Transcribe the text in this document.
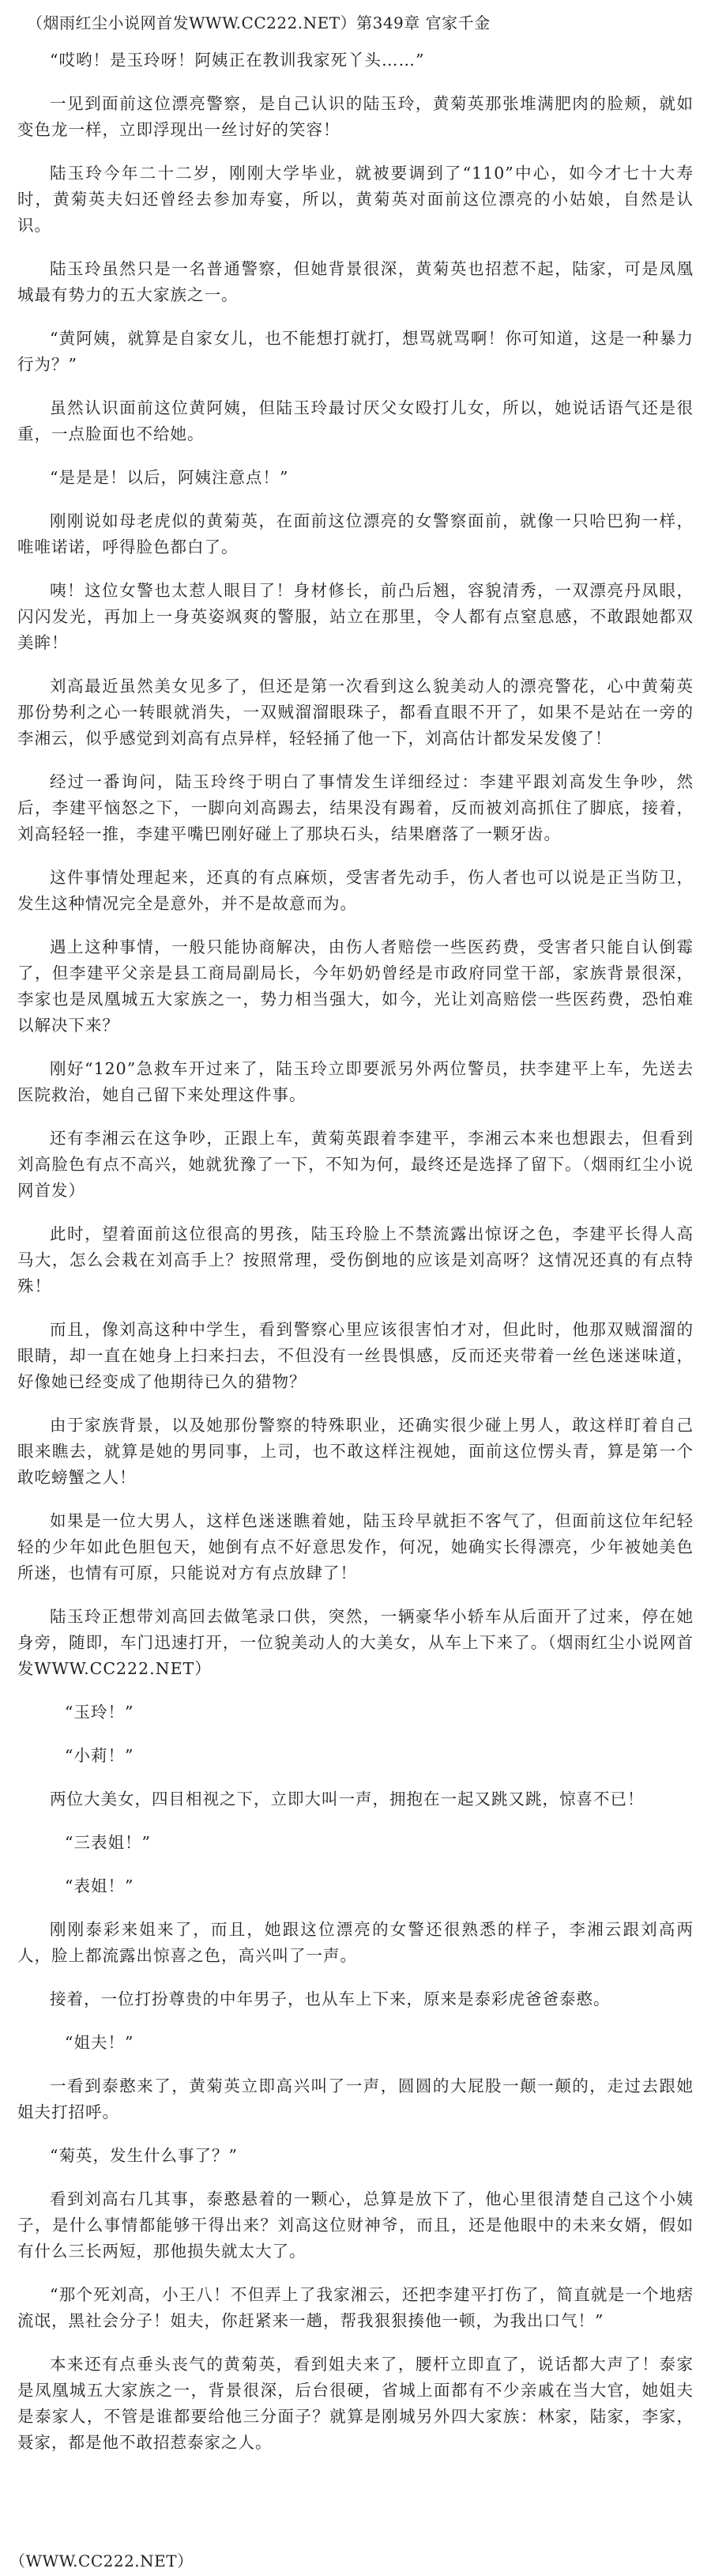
（烟雨红尘小说网首发WWW.CC222.NET）第349章 官家千金
“哎哟！是玉玲呀！阿姨正在教训我家死丫头……”
一见到面前这位漂亮警察，是自己认识的陆玉玲，黄菊英那张堆满肥肉的脸颊，就如变色龙一样，立即浮现出一丝讨好的笑容！
陆玉玲今年二十二岁，刚刚大学毕业，就被要调到了“110”中心，如今才七十大寿时，黄菊英夫妇还曾经去参加寿宴，所以，黄菊英对面前这位漂亮的小姑娘，自然是认识。
陆玉玲虽然只是一名普通警察，但她背景很深，黄菊英也招惹不起，陆家，可是凤凰城最有势力的五大家族之一。
“黄阿姨，就算是自家女儿，也不能想打就打，想骂就骂啊！你可知道，这是一种暴力行为？”
虽然认识面前这位黄阿姨，但陆玉玲最讨厌父女殴打儿女，所以，她说话语气还是很重，一点脸面也不给她。
“是是是！以后，阿姨注意点！”
刚刚说如母老虎似的黄菊英，在面前这位漂亮的女警察面前，就像一只哈巴狗一样，唯唯诺诺，呼得脸色都白了。
咦！这位女警也太惹人眼目了！身材修长，前凸后翘，容貌清秀，一双漂亮丹凤眼，闪闪发光，再加上一身英姿飒爽的警服，站立在那里，令人都有点窒息感，不敢跟她都双美眸！
刘高最近虽然美女见多了，但还是第一次看到这么貌美动人的漂亮警花，心中黄菊英那份势利之心一转眼就消失，一双贼溜溜眼珠子，都看直眼不开了，如果不是站在一旁的李湘云，似乎感觉到刘高有点异样，轻轻捅了他一下，刘高估计都发呆发傻了！
经过一番询问，陆玉玲终于明白了事情发生详细经过：李建平跟刘高发生争吵，然后，李建平恼怒之下，一脚向刘高踢去，结果没有踢着，反而被刘高抓住了脚底，接着，刘高轻轻一推，李建平嘴巴刚好碰上了那块石头，结果磨落了一颗牙齿。
这件事情处理起来，还真的有点麻烦，受害者先动手，伤人者也可以说是正当防卫，发生这种情况完全是意外，并不是故意而为。
遇上这种事情，一般只能协商解决，由伤人者赔偿一些医药费，受害者只能自认倒霉了，但李建平父亲是县工商局副局长，今年奶奶曾经是市政府同堂干部，家族背景很深，李家也是凤凰城五大家族之一，势力相当强大，如今，光让刘高赔偿一些医药费，恐怕难以解决下来？
刚好“120”急救车开过来了，陆玉玲立即要派另外两位警员，扶李建平上车，先送去医院救治，她自己留下来处理这件事。
还有李湘云在这争吵，正跟上车，黄菊英跟着李建平，李湘云本来也想跟去，但看到刘高脸色有点不高兴，她就犹豫了一下，不知为何，最终还是选择了留下。（烟雨红尘小说网首发）
此时，望着面前这位很高的男孩，陆玉玲脸上不禁流露出惊讶之色，李建平长得人高马大，怎么会栽在刘高手上？按照常理，受伤倒地的应该是刘高呀？这情况还真的有点特殊！
而且，像刘高这种中学生，看到警察心里应该很害怕才对，但此时，他那双贼溜溜的眼睛，却一直在她身上扫来扫去，不但没有一丝畏惧感，反而还夹带着一丝色迷迷味道，好像她已经变成了他期待已久的猎物？
由于家族背景，以及她那份警察的特殊职业，还确实很少碰上男人，敢这样盯着自己眼来瞧去，就算是她的男同事，上司，也不敢这样注视她，面前这位愣头青，算是第一个敢吃螃蟹之人！
如果是一位大男人，这样色迷迷瞧着她，陆玉玲早就拒不客气了，但面前这位年纪轻轻的少年如此色胆包天，她倒有点不好意思发作，何况，她确实长得漂亮，少年被她美色所迷，也情有可原，只能说对方有点放肆了！
陆玉玲正想带刘高回去做笔录口供，突然，一辆豪华小轿车从后面开了过来，停在她身旁，随即，车门迅速打开，一位貌美动人的大美女，从车上下来了。（烟雨红尘小说网首发WWW.CC222.NET）
“玉玲！”
“小莉！”
两位大美女，四目相视之下，立即大叫一声，拥抱在一起又跳又跳，惊喜不已！
“三表姐！”
“表姐！”
刚刚泰彩来姐来了，而且，她跟这位漂亮的女警还很熟悉的样子，李湘云跟刘高两人，脸上都流露出惊喜之色，高兴叫了一声。
接着，一位打扮尊贵的中年男子，也从车上下来，原来是泰彩虎爸爸泰憨。
“姐夫！”
一看到泰憨来了，黄菊英立即高兴叫了一声，圆圆的大屁股一颠一颠的，走过去跟她姐夫打招呼。
“菊英，发生什么事了？”
看到刘高右几其事，泰憨悬着的一颗心，总算是放下了，他心里很清楚自己这个小姨子，是什么事情都能够干得出来？刘高这位财神爷，而且，还是他眼中的未来女婿，假如有什么三长两短，那他损失就太大了。
“那个死刘高，小王八！不但弄上了我家湘云，还把李建平打伤了，简直就是一个地痞流氓，黑社会分子！姐夫，你赶紧来一趟，帮我狠狠揍他一顿，为我出口气！”
本来还有点垂头丧气的黄菊英，看到姐夫来了，腰杆立即直了，说话都大声了！泰家是凤凰城五大家族之一，背景很深，后台很硬，省城上面都有不少亲戚在当大官，她姐夫是泰家人，不管是谁都要给他三分面子？就算是刚城另外四大家族：林家，陆家，李家，聂家，都是他不敢招惹泰家之人。
（WWW.CC222.NET）
